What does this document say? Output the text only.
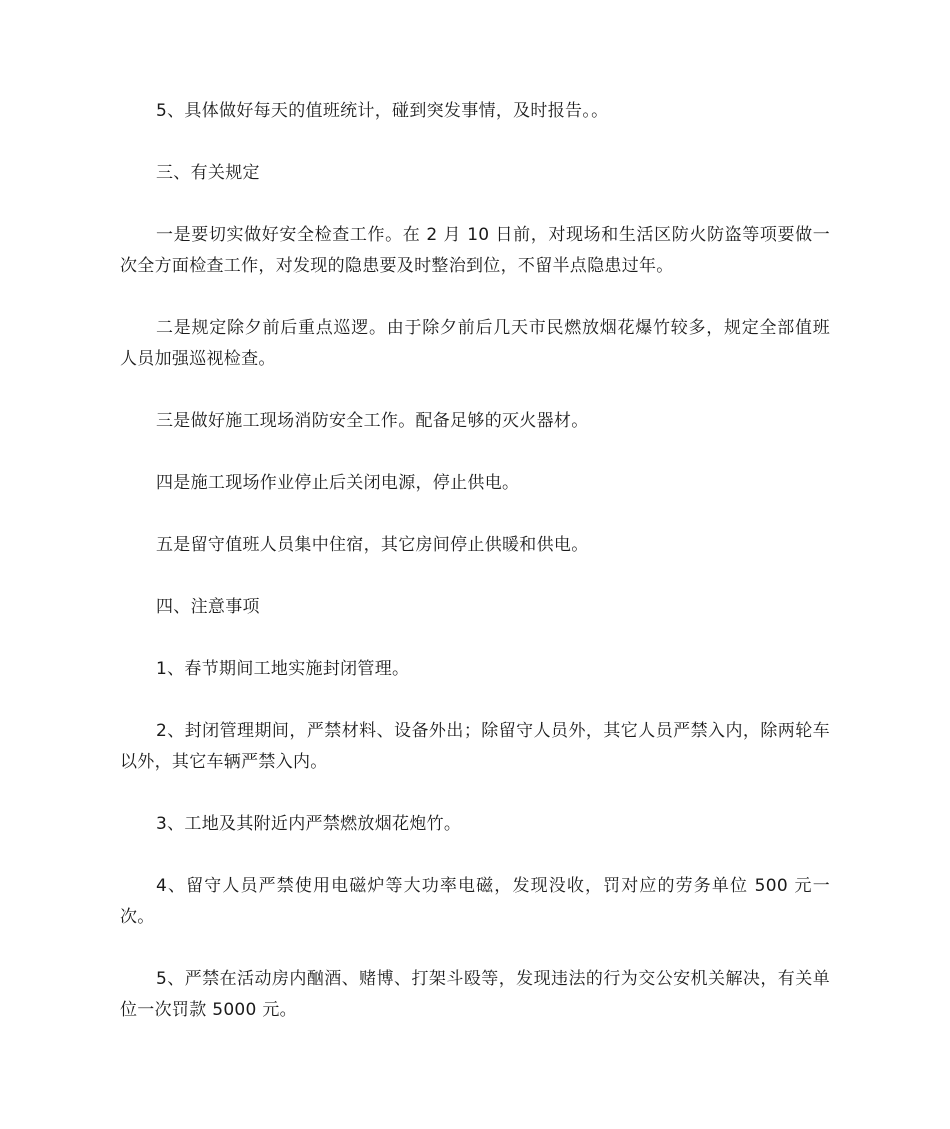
5、具体做好每天的值班统计，碰到突发事情，及时报告。。

三、有关规定

一是要切实做好安全检查工作。在 2 月 10 日前，对现场和生活区防火防盗等项要做一次全方面检查工作，对发现的隐患要及时整治到位，不留半点隐患过年。

二是规定除夕前后重点巡逻。由于除夕前后几天市民燃放烟花爆竹较多，规定全部值班人员加强巡视检查。

三是做好施工现场消防安全工作。配备足够的灭火器材。

四是施工现场作业停止后关闭电源，停止供电。

五是留守值班人员集中住宿，其它房间停止供暖和供电。

四、注意事项

1、春节期间工地实施封闭管理。

2、封闭管理期间，严禁材料、设备外出；除留守人员外，其它人员严禁入内，除两轮车以外，其它车辆严禁入内。

3、工地及其附近内严禁燃放烟花炮竹。

4、留守人员严禁使用电磁炉等大功率电磁，发现没收，罚对应的劳务单位 500 元一次。

5、严禁在活动房内酗酒、赌博、打架斗殴等，发现违法的行为交公安机关解决，有关单位一次罚款 5000 元。
